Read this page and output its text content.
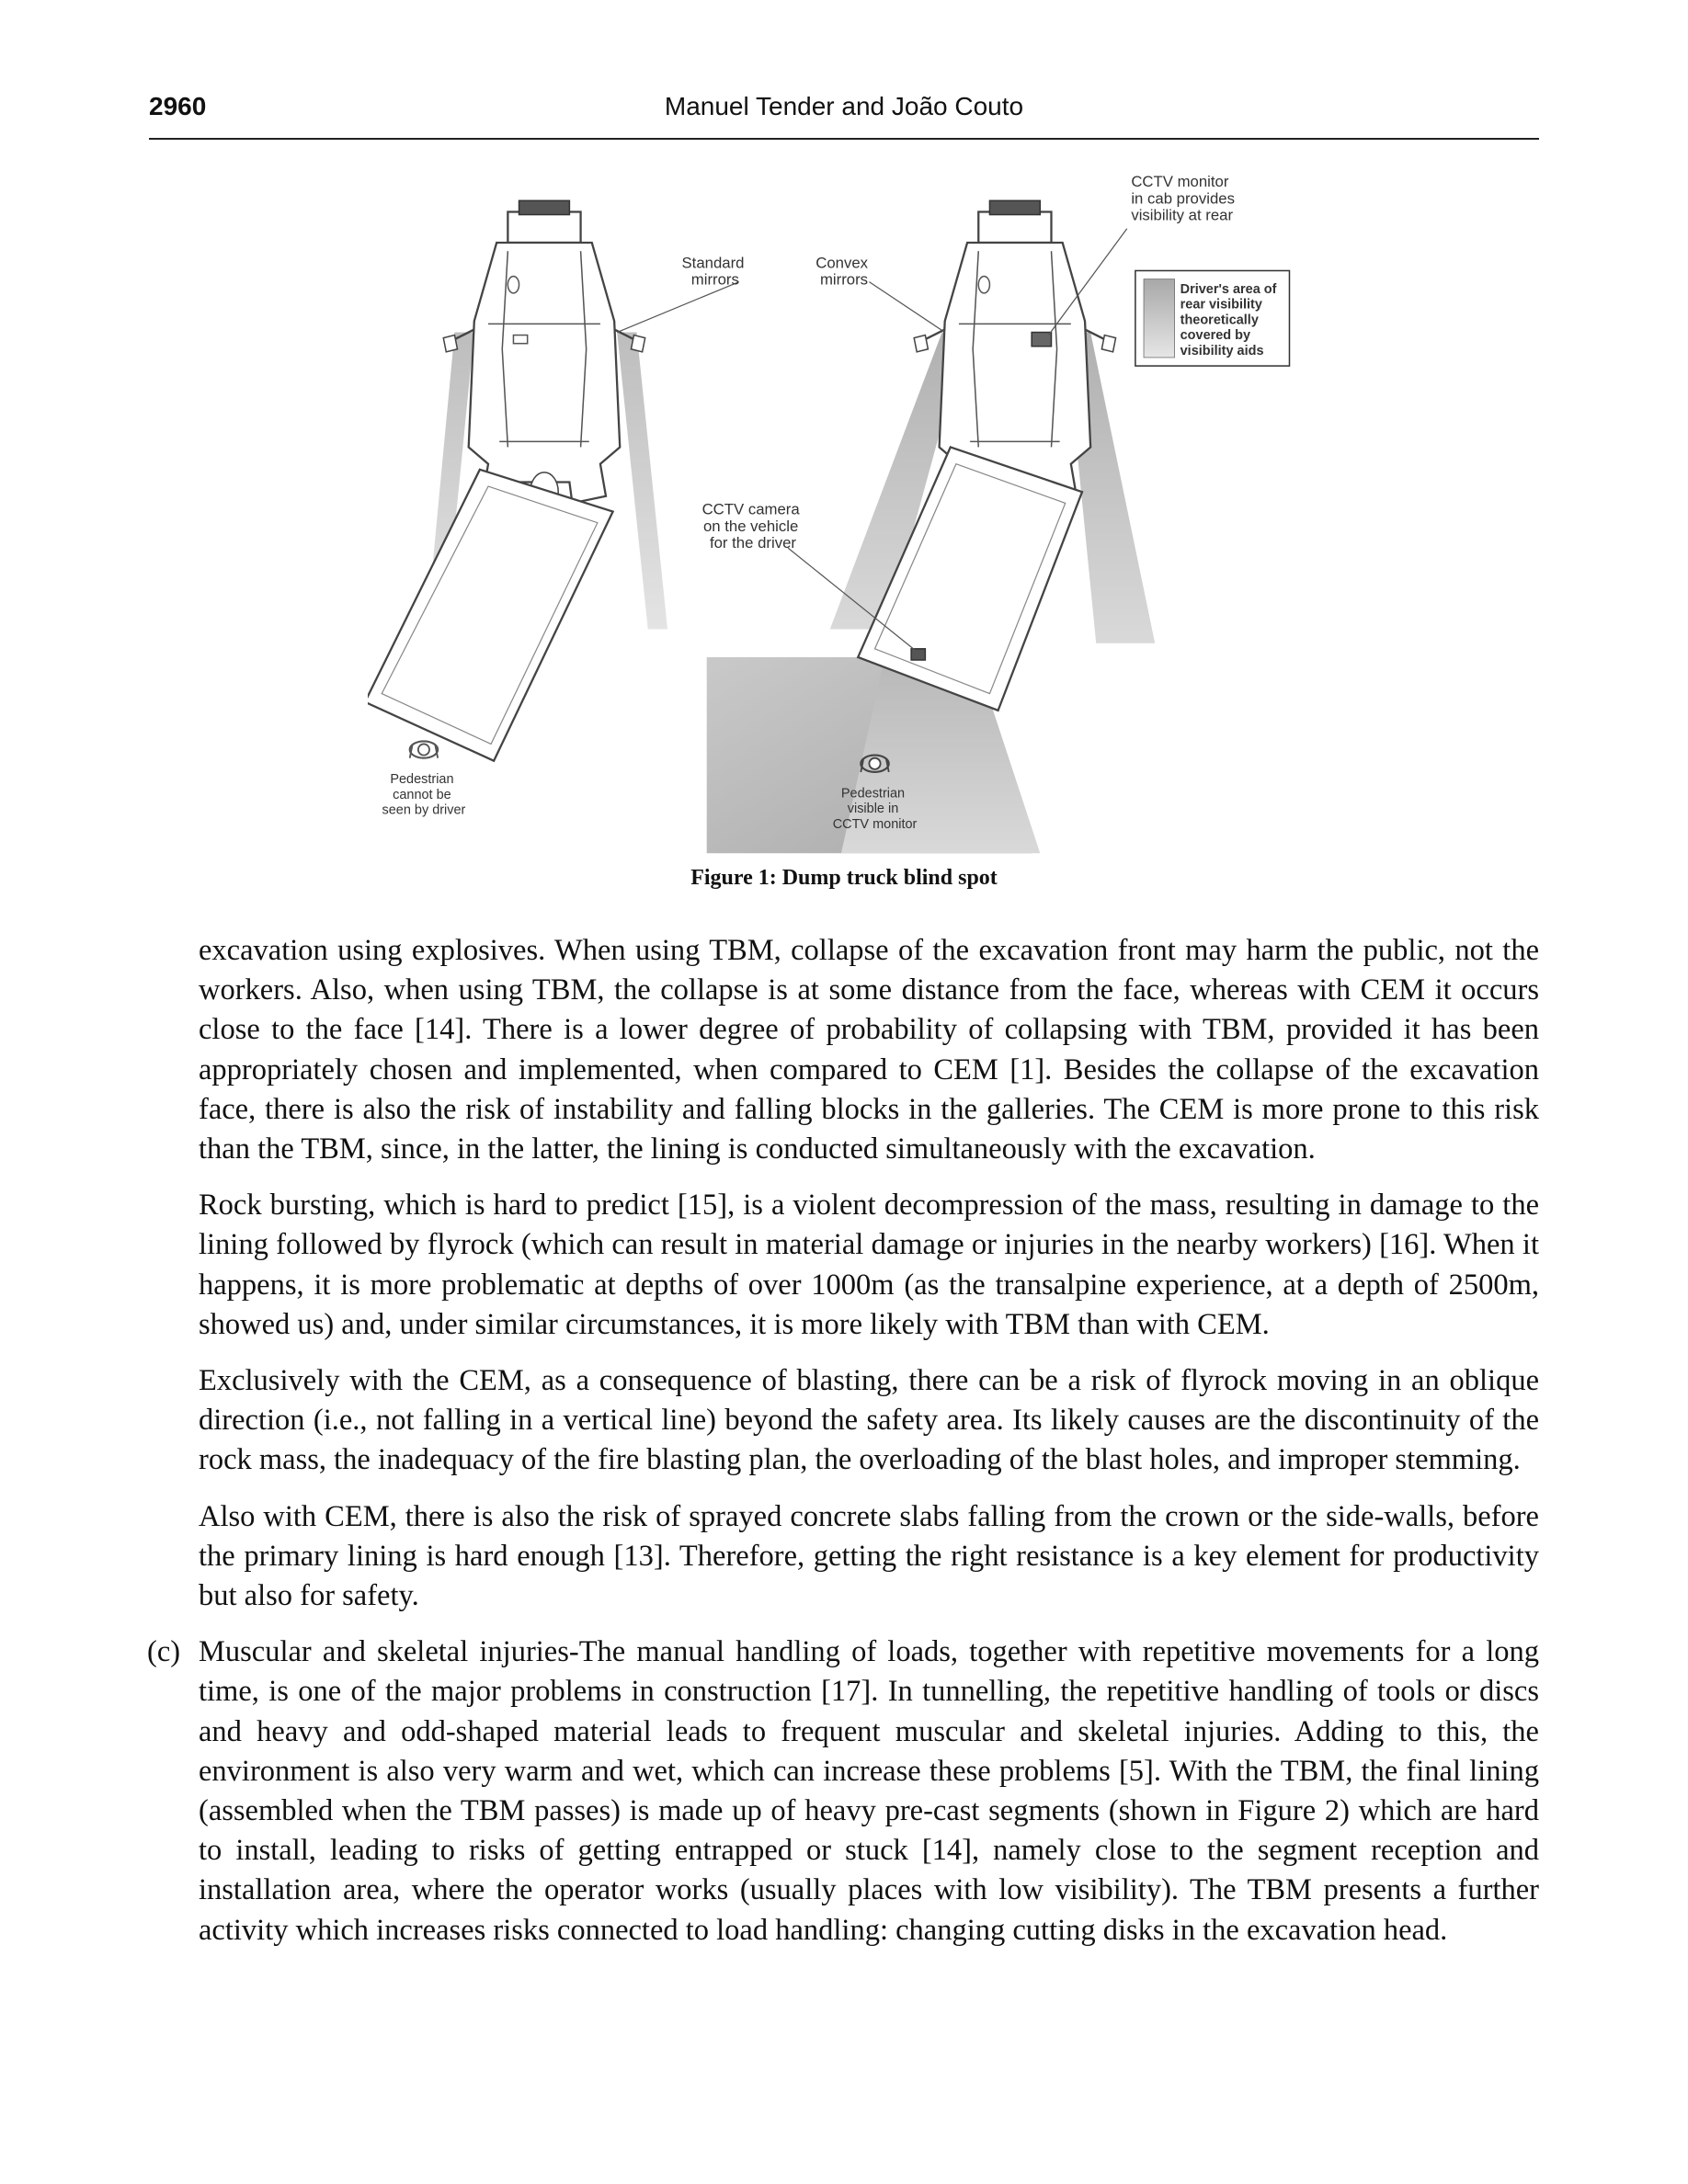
2960	Manuel Tender and João Couto
Standard mirrors
Convex mirrors
CCTV monitor in cab provides visibility at rear
CCTV camera on the vehicle for the driver
Driver's area of rear visibility theoretically covered by visibility aids
Pedestrian cannot be seen by driver
Pedestrian visible in CCTV monitor
Figure 1: Dump truck blind spot

excavation using explosives. When using TBM, collapse of the excavation front may harm the public, not the workers. Also, when using TBM, the collapse is at some distance from the face, whereas with CEM it occurs close to the face [14]. There is a lower degree of probability of collapsing with TBM, provided it has been appropriately chosen and implemented, when compared to CEM [1]. Besides the collapse of the excavation face, there is also the risk of instability and falling blocks in the galleries. The CEM is more prone to this risk than the TBM, since, in the latter, the lining is conducted simultaneously with the excavation.

Rock bursting, which is hard to predict [15], is a violent decompression of the mass, resulting in damage to the lining followed by flyrock (which can result in material damage or injuries in the nearby workers) [16]. When it happens, it is more problematic at depths of over 1000m (as the transalpine experience, at a depth of 2500m, showed us) and, under similar circumstances, it is more likely with TBM than with CEM.

Exclusively with the CEM, as a consequence of blasting, there can be a risk of flyrock moving in an oblique direction (i.e., not falling in a vertical line) beyond the safety area. Its likely causes are the discontinuity of the rock mass, the inadequacy of the fire blasting plan, the overloading of the blast holes, and improper stemming.

Also with CEM, there is also the risk of sprayed concrete slabs falling from the crown or the side-walls, before the primary lining is hard enough [13]. Therefore, getting the right resistance is a key element for productivity but also for safety.

(c) Muscular and skeletal injuries-The manual handling of loads, together with repetitive movements for a long time, is one of the major problems in construction [17]. In tunnelling, the repetitive handling of tools or discs and heavy and odd-shaped material leads to frequent muscular and skeletal injuries. Adding to this, the environment is also very warm and wet, which can increase these problems [5]. With the TBM, the final lining (assembled when the TBM passes) is made up of heavy pre-cast segments (shown in Figure 2) which are hard to install, leading to risks of getting entrapped or stuck [14], namely close to the segment reception and installation area, where the operator works (usually places with low visibility). The TBM presents a further activity which increases risks connected to load handling: changing cutting disks in the excavation head.
